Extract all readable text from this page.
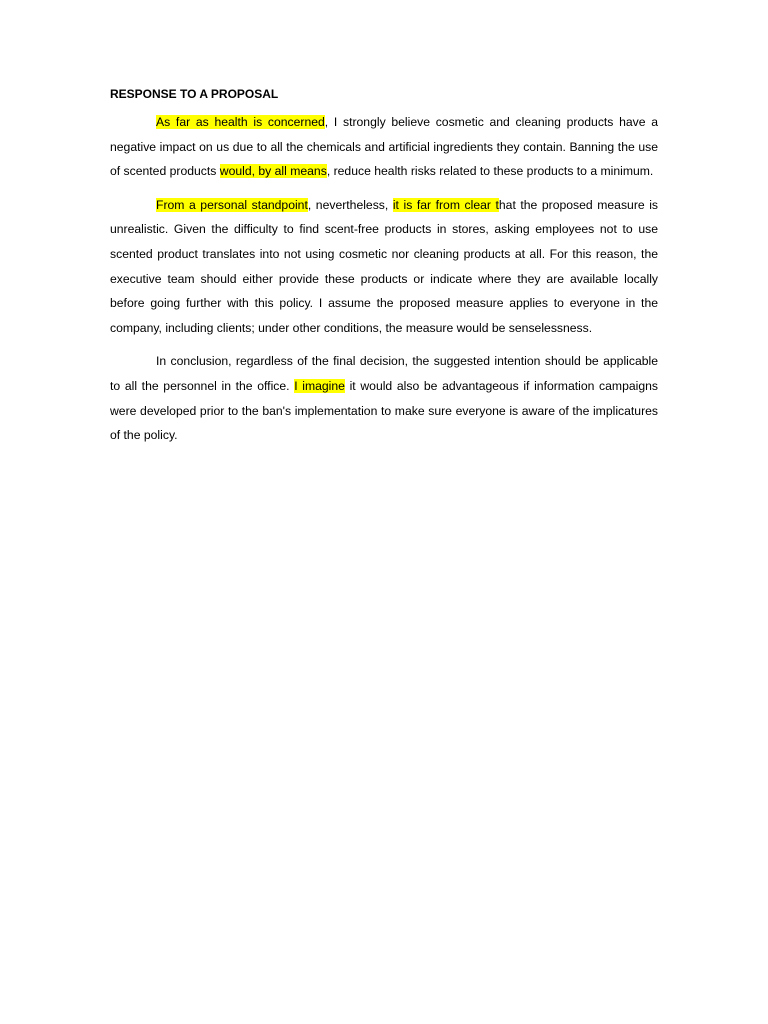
RESPONSE TO A PROPOSAL

As far as health is concerned, I strongly believe cosmetic and cleaning products have a negative impact on us due to all the chemicals and artificial ingredients they contain. Banning the use of scented products would, by all means, reduce health risks related to these products to a minimum.

From a personal standpoint, nevertheless, it is far from clear that the proposed measure is unrealistic. Given the difficulty to find scent-free products in stores, asking employees not to use scented product translates into not using cosmetic nor cleaning products at all. For this reason, the executive team should either provide these products or indicate where they are available locally before going further with this policy. I assume the proposed measure applies to everyone in the company, including clients; under other conditions, the measure would be senselessness.

In conclusion, regardless of the final decision, the suggested intention should be applicable to all the personnel in the office. I imagine it would also be advantageous if information campaigns were developed prior to the ban's implementation to make sure everyone is aware of the implicatures of the policy.
